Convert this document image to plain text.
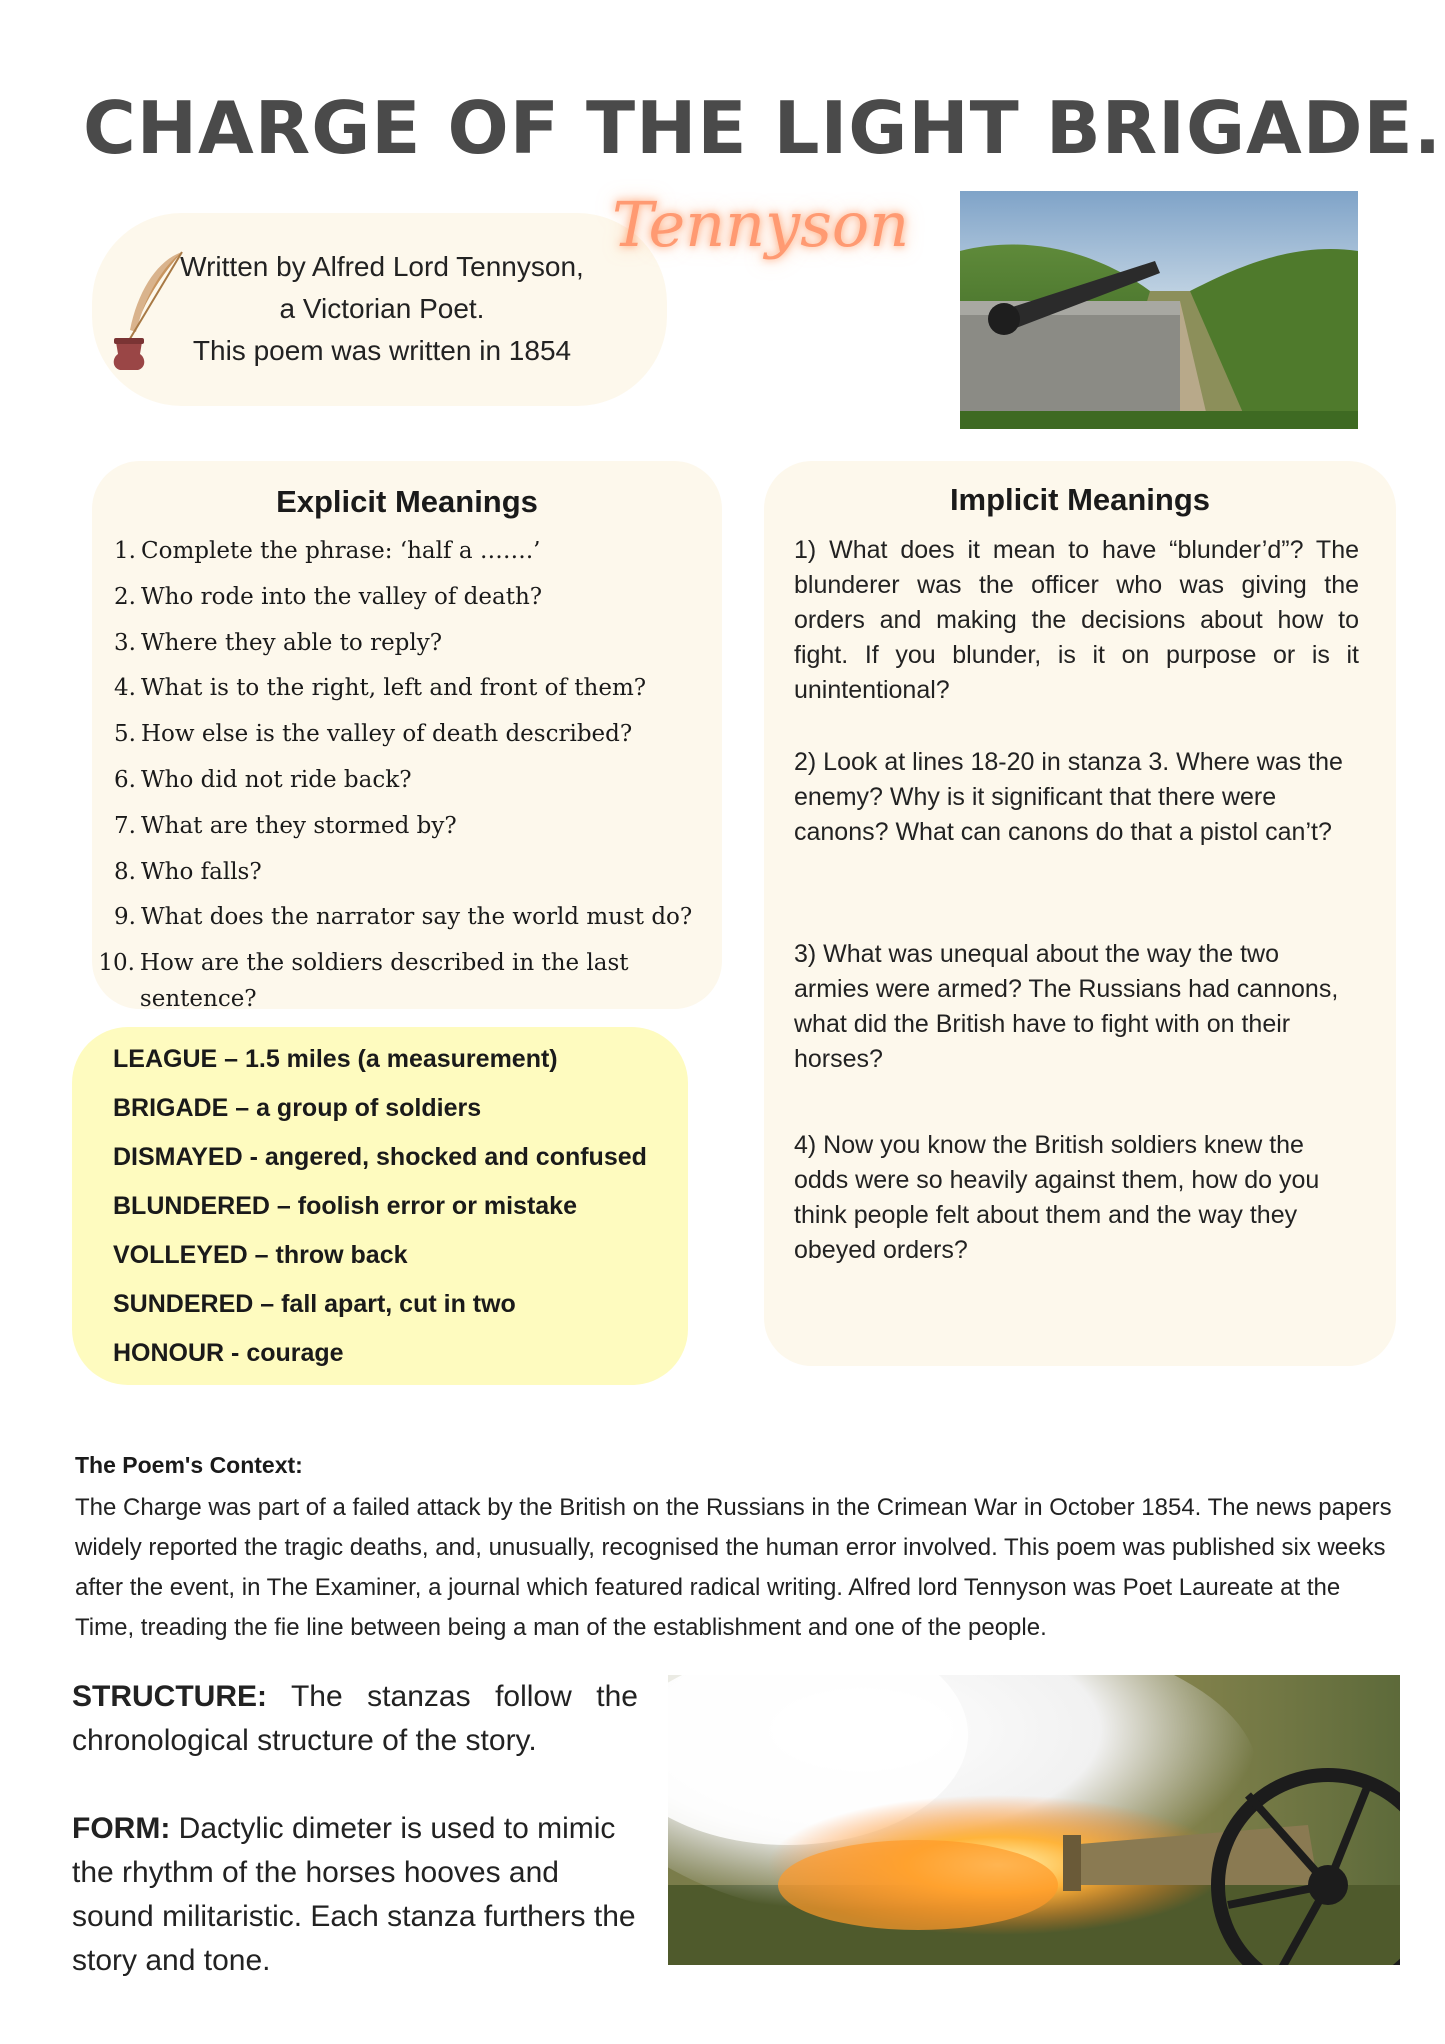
CHARGE OF THE LIGHT BRIGADE.
Written by Alfred Lord Tennyson,
a Victorian Poet.
This poem was written in 1854
Tennyson
Explicit Meanings
1. Complete the phrase: ‘half a …….’
2. Who rode into the valley of death?
3. Where they able to reply?
4. What is to the right, left and front of them?
5. How else is the valley of death described?
6. Who did not ride back?
7. What are they stormed by?
8. Who falls?
9. What does the narrator say the world must do?
10. How are the soldiers described in the last sentence?
Implicit Meanings
1) What does it mean to have “blunder’d”? The blunderer was the officer who was giving the orders and making the decisions about how to fight. If you blunder, is it on purpose or is it unintentional?
2) Look at lines 18-20 in stanza 3. Where was the enemy? Why is it significant that there were canons? What can canons do that a pistol can’t?
3) What was unequal about the way the two armies were armed? The Russians had cannons, what did the British have to fight with on their horses?
4) Now you know the British soldiers knew the odds were so heavily against them, how do you think people felt about them and the way they obeyed orders?
LEAGUE – 1.5 miles (a measurement)
BRIGADE – a group of soldiers
DISMAYED - angered, shocked and confused
BLUNDERED – foolish error or mistake
VOLLEYED – throw back
SUNDERED – fall apart, cut in two
HONOUR - courage
The Poem's Context:
The Charge was part of a failed attack by the British on the Russians in the Crimean War in October 1854. The news papers widely reported the tragic deaths, and, unusually, recognised the human error involved. This poem was published six weeks after the event, in The Examiner, a journal which featured radical writing. Alfred lord Tennyson was Poet Laureate at the Time, treading the fie line between being a man of the establishment and one of the people.
STRUCTURE: The stanzas follow the chronological structure of the story.
FORM: Dactylic dimeter is used to mimic the rhythm of the horses hooves and sound militaristic. Each stanza furthers the story and tone.
